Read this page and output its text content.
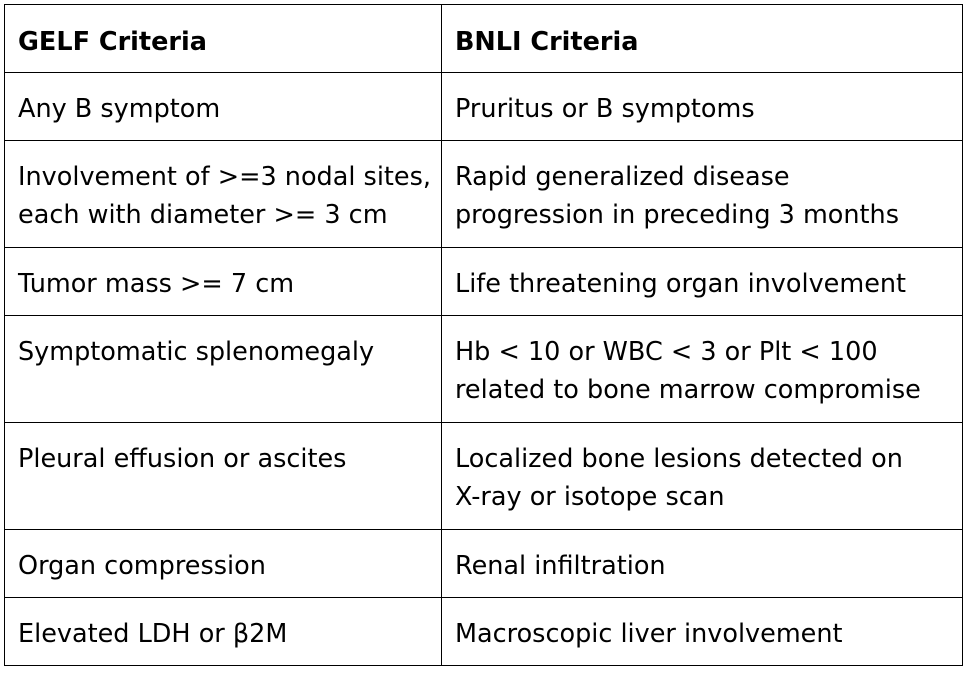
GELF Criteria	BNLI Criteria

Any B symptom	Pruritus or B symptoms

Involvement of >=3 nodal sites,
each with diameter >= 3 cm	Rapid generalized disease
progression in preceding 3 months

Tumor mass >= 7 cm	Life threatening organ involvement

Symptomatic splenomegaly	Hb < 10 or WBC < 3 or Plt < 100
related to bone marrow compromise

Pleural effusion or ascites	Localized bone lesions detected on
X-ray or isotope scan

Organ compression	Renal infiltration

Elevated LDH or β2M	Macroscopic liver involvement
